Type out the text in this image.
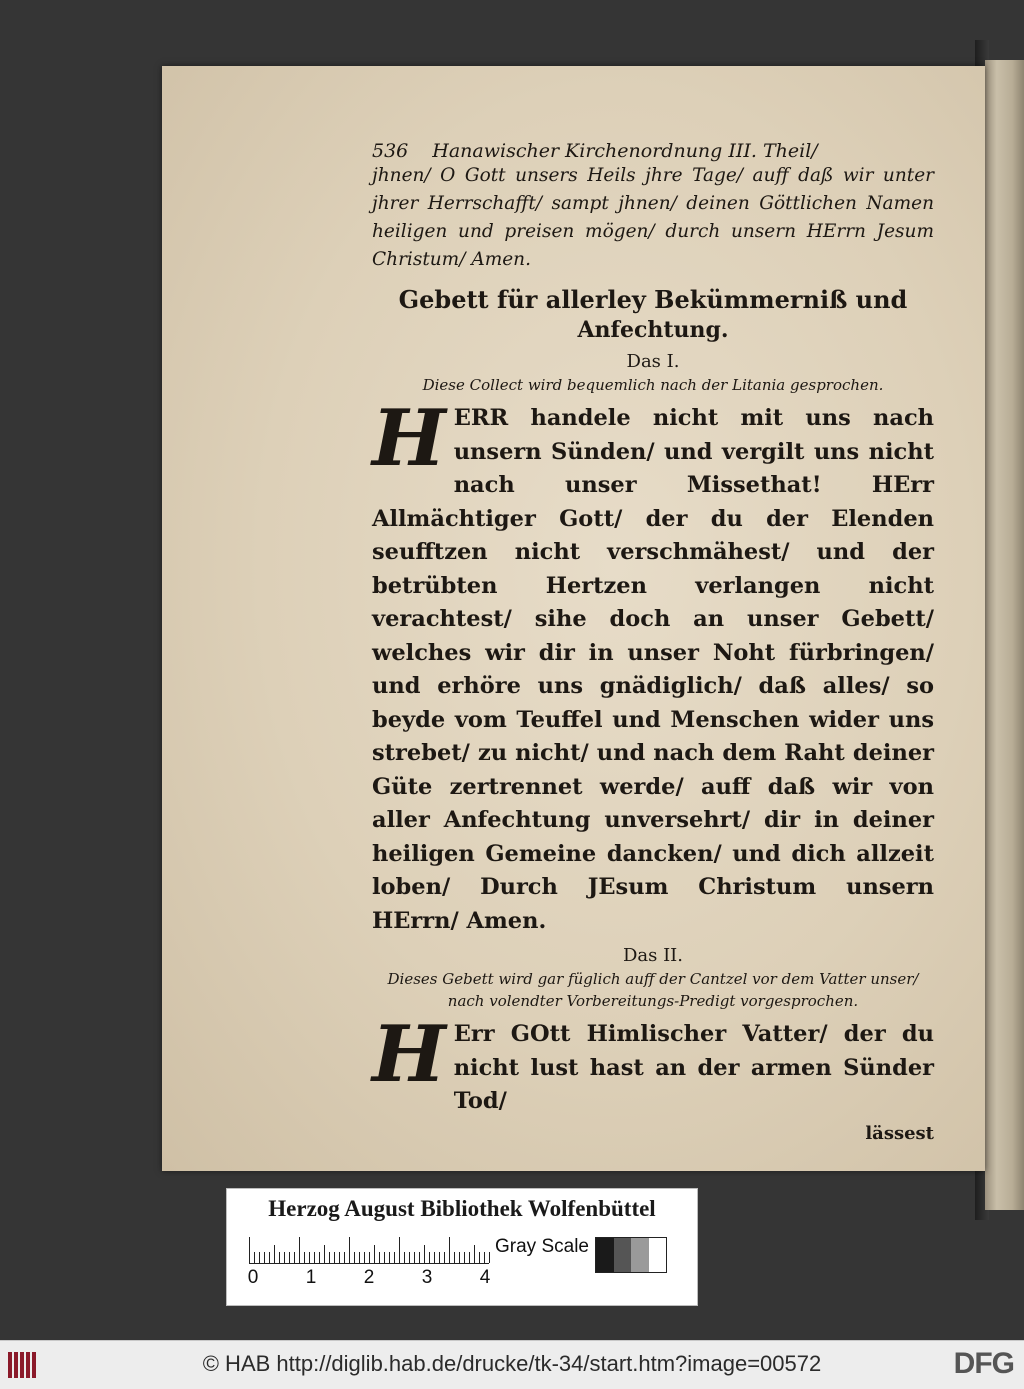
536 Hanawischer Kirchenordnung III. Theil/
jhnen/ O Gott unsers Heils jhre Tage/ auff daß wir unter jhrer Herrschafft/ sampt jhnen/ deinen Göttlichen Namen heiligen und preisen mögen/ durch unsern HErrn Jesum Christum/ Amen.
Gebett für allerley Bekümmerniß und
Anfechtung.
Das I.
Diese Collect wird bequemlich nach der Litania gesprochen.
H ERR handele nicht mit uns nach unsern Sünden/ und vergilt uns nicht nach unser Missethat! HErr Allmächtiger Gott/ der du der Elenden seufftzen nicht verschmähest/ und der betrübten Hertzen verlangen nicht verachtest/ sihe doch an unser Gebett/ welches wir dir in unser Noht fürbringen/ und erhöre uns gnädiglich/ daß alles/ so beyde vom Teuffel und Menschen wider uns strebet/ zu nicht/ und nach dem Raht deiner Güte zertrennet werde/ auff daß wir von aller Anfechtung unversehrt/ dir in deiner heiligen Gemeine dancken/ und dich allzeit loben/ Durch JEsum Christum unsern HErrn/ Amen.
Das II.
Dieses Gebett wird gar füglich auff der Cantzel vor dem Vatter unser/ nach volendter Vorbereitungs-Predigt vorgesprochen.
H Err GOtt Himlischer Vatter/ der du nicht lust hast an der armen Sünder Tod/
lässest
Herzog August Bibliothek Wolfenbüttel
0 1 2 3 4
Gray Scale
© HAB http://diglib.hab.de/drucke/tk-34/start.htm?image=00572	DFG
